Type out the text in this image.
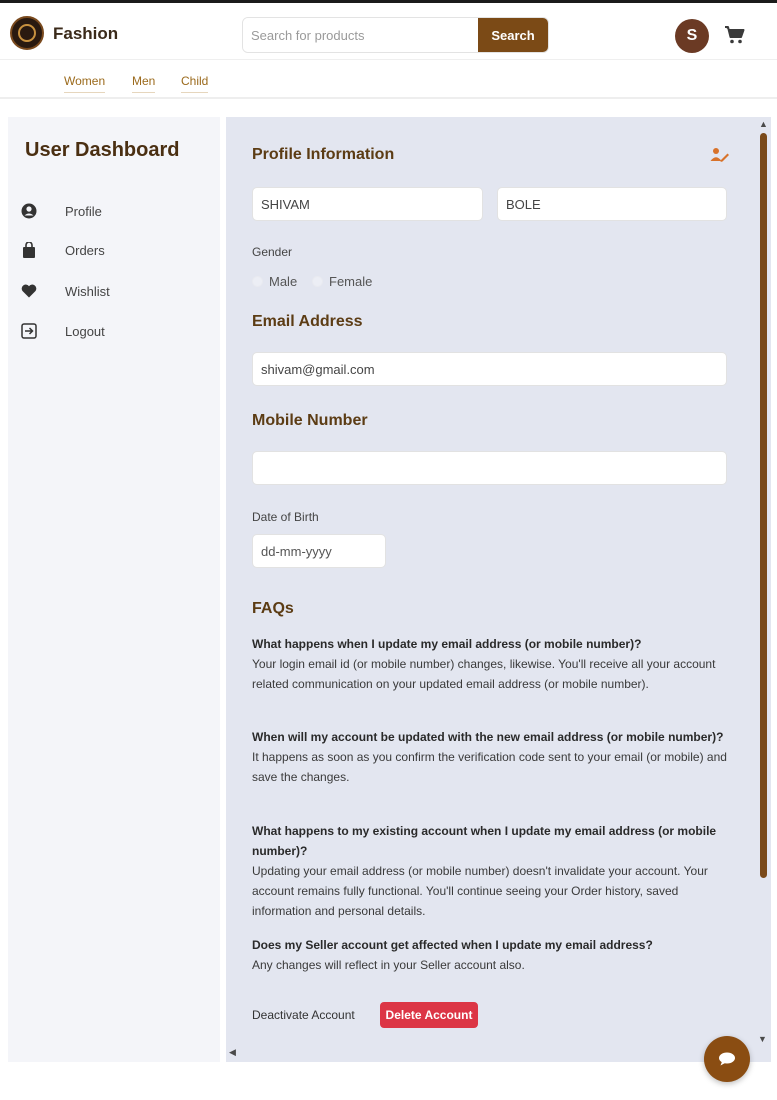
Fashion
Search for products	Search	S
Women Men Child
User Dashboard
Profile
Orders
Wishlist
Logout
Profile Information
SHIVAM	BOLE
Gender
Male Female
Email Address
shivam@gmail.com
Mobile Number
Date of Birth
dd-mm-yyyy
FAQs
What happens when I update my email address (or mobile number)?
Your login email id (or mobile number) changes, likewise. You'll receive all your account related communication on your updated email address (or mobile number).
When will my account be updated with the new email address (or mobile number)?
It happens as soon as you confirm the verification code sent to your email (or mobile) and save the changes.
What happens to my existing account when I update my email address (or mobile number)?
Updating your email address (or mobile number) doesn't invalidate your account. Your account remains fully functional. You'll continue seeing your Order history, saved information and personal details.
Does my Seller account get affected when I update my email address?
Any changes will reflect in your Seller account also.
Deactivate Account	Delete Account
▲
▼
◀
